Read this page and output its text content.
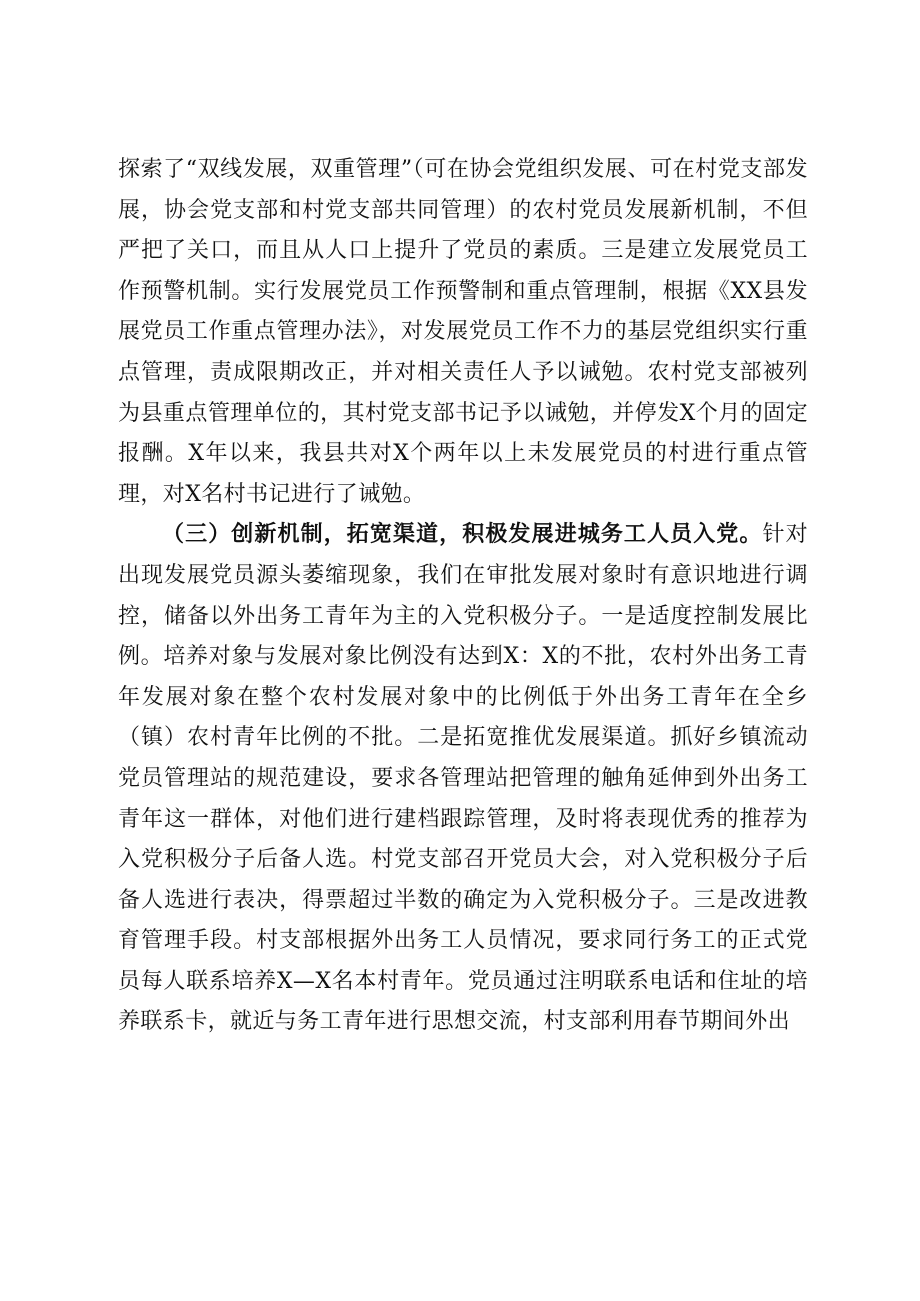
探索了“双线发展，双重管理”（可在协会党组织发展、可在村党支部发展，协会党支部和村党支部共同管理）的农村党员发展新机制，不但严把了关口，而且从人口上提升了党员的素质。三是建立发展党员工作预警机制。实行发展党员工作预警制和重点管理制，根据《XX县发展党员工作重点管理办法》，对发展党员工作不力的基层党组织实行重点管理，责成限期改正，并对相关责任人予以诫勉。农村党支部被列为县重点管理单位的，其村党支部书记予以诫勉，并停发X个月的固定报酬。X年以来，我县共对X个两年以上未发展党员的村进行重点管理，对X名村书记进行了诫勉。

（三）创新机制，拓宽渠道，积极发展进城务工人员入党。针对出现发展党员源头萎缩现象，我们在审批发展对象时有意识地进行调控，储备以外出务工青年为主的入党积极分子。一是适度控制发展比例。培养对象与发展对象比例没有达到X：X的不批，农村外出务工青年发展对象在整个农村发展对象中的比例低于外出务工青年在全乡（镇）农村青年比例的不批。二是拓宽推优发展渠道。抓好乡镇流动党员管理站的规范建设，要求各管理站把管理的触角延伸到外出务工青年这一群体，对他们进行建档跟踪管理，及时将表现优秀的推荐为入党积极分子后备人选。村党支部召开党员大会，对入党积极分子后备人选进行表决，得票超过半数的确定为入党积极分子。三是改进教育管理手段。村支部根据外出务工人员情况，要求同行务工的正式党员每人联系培养X—X名本村青年。党员通过注明联系电话和住址的培养联系卡，就近与务工青年进行思想交流，村支部利用春节期间外出
